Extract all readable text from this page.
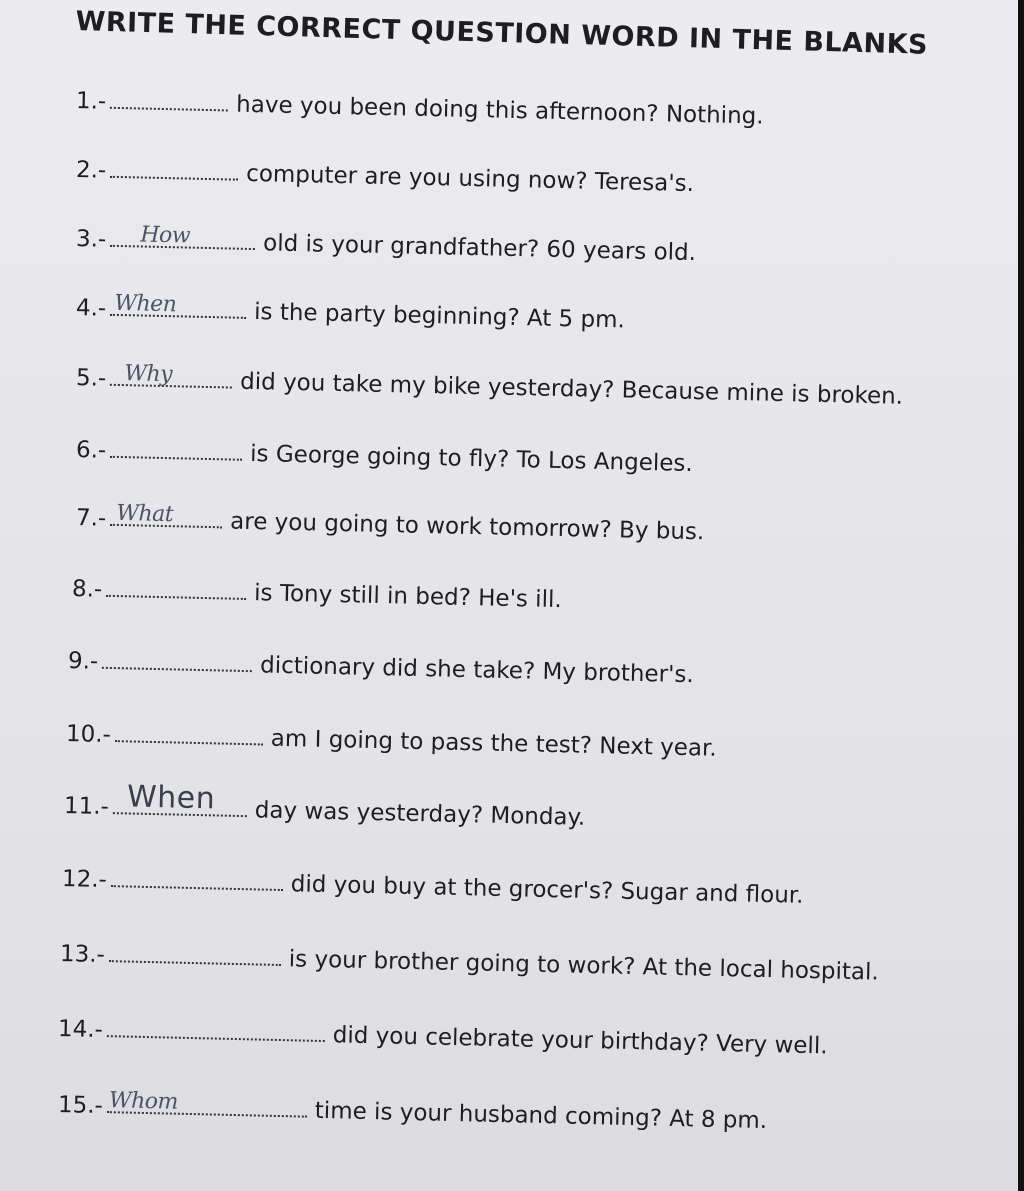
WRITE THE CORRECT QUESTION WORD IN THE BLANKS
1.-	have you been doing this afternoon? Nothing.
2.-	computer are you using now? Teresa's.
3.- How	old is your grandfather? 60 years old.
4.- When	is the party beginning? At 5 pm.
5.- Why	did you take my bike yesterday? Because mine is broken.
6.-	is George going to fly? To Los Angeles.
7.- What are you going to work tomorrow? By bus.
8.-	is Tony still in bed? He's ill.
9.-	dictionary did she take? My brother's.
10.-	am I going to pass the test? Next year.
11.- When day was yesterday? Monday.
12.-	did you buy at the grocer's? Sugar and flour.
13.-	is your brother going to work? At the local hospital.
14.-	did you celebrate your birthday? Very well.
15.- Whom	time is your husband coming? At 8 pm.
